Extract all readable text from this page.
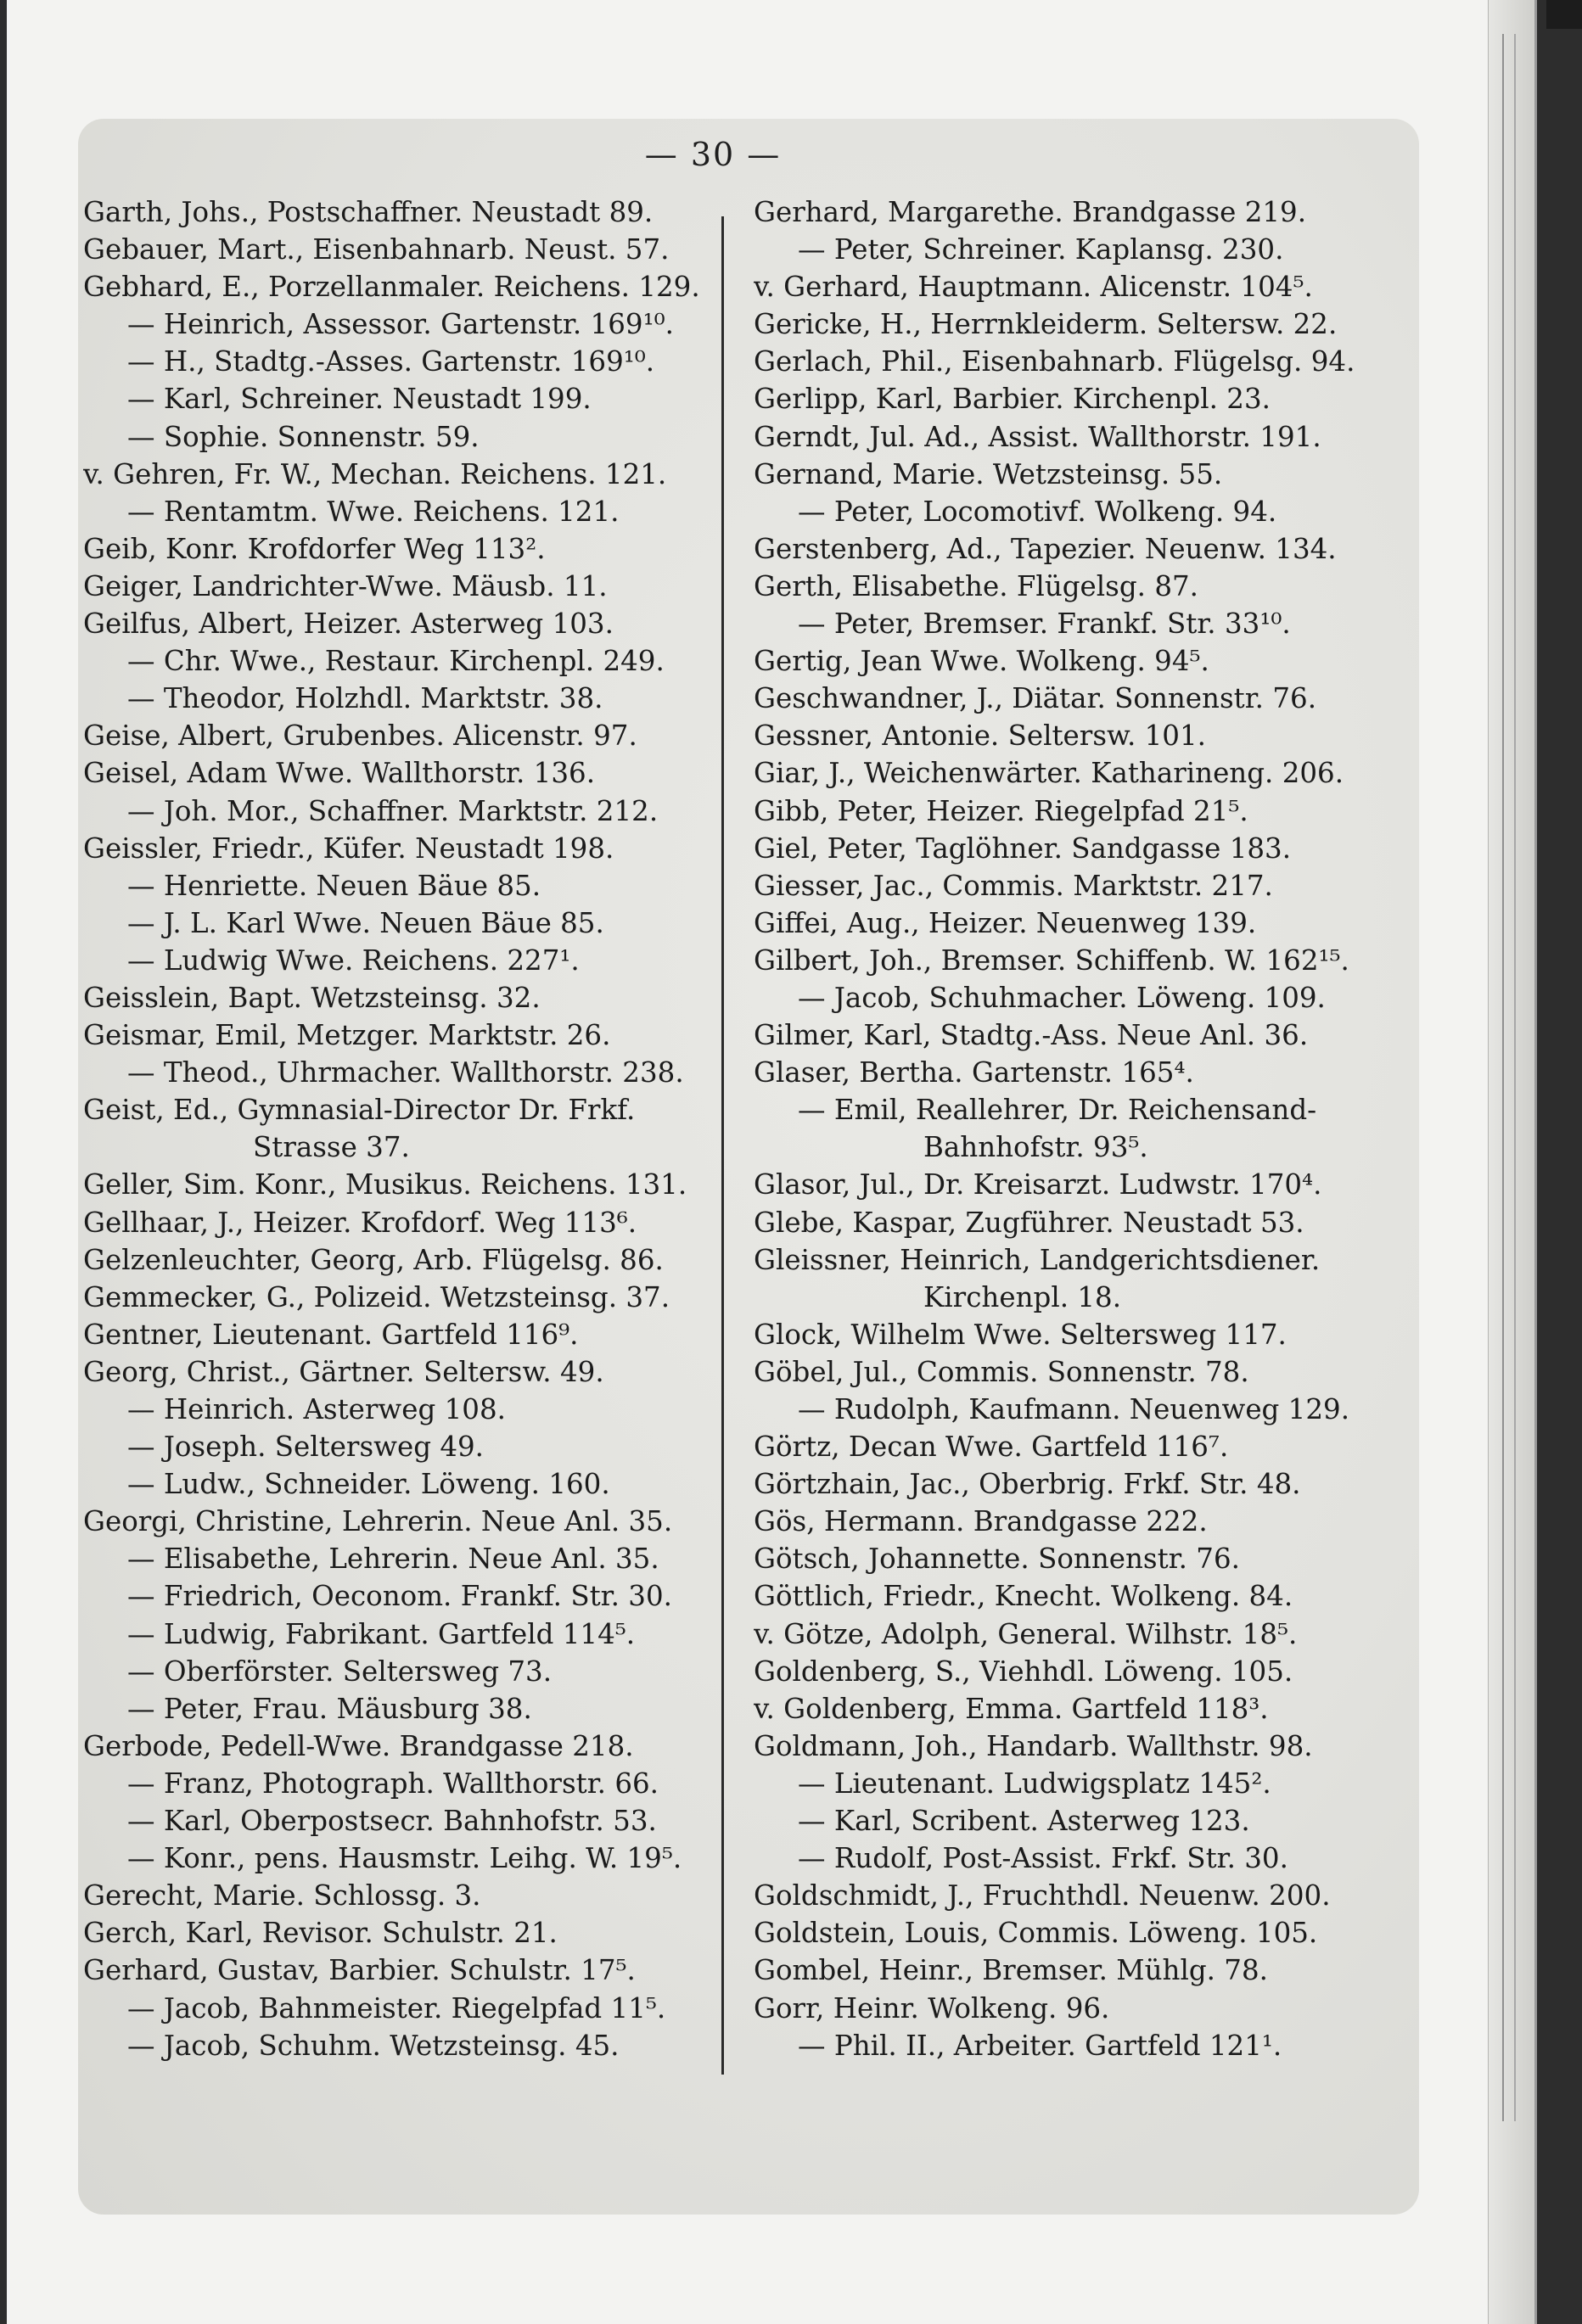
— 30 —
Garth, Johs., Postschaffner. Neustadt 89.
Gebauer, Mart., Eisenbahnarb. Neust. 57.
Gebhard, E., Porzellanmaler. Reichens. 129.
— Heinrich, Assessor. Gartenstr. 169¹⁰.
— H., Stadtg.-Asses. Gartenstr. 169¹⁰.
— Karl, Schreiner. Neustadt 199.
— Sophie. Sonnenstr. 59.
v. Gehren, Fr. W., Mechan. Reichens. 121.
— Rentamtm. Wwe. Reichens. 121.
Geib, Konr. Krofdorfer Weg 113².
Geiger, Landrichter-Wwe. Mäusb. 11.
Geilfus, Albert, Heizer. Asterweg 103.
— Chr. Wwe., Restaur. Kirchenpl. 249.
— Theodor, Holzhdl. Marktstr. 38.
Geise, Albert, Grubenbes. Alicenstr. 97.
Geisel, Adam Wwe. Wallthorstr. 136.
— Joh. Mor., Schaffner. Marktstr. 212.
Geissler, Friedr., Küfer. Neustadt 198.
— Henriette. Neuen Bäue 85.
— J. L. Karl Wwe. Neuen Bäue 85.
— Ludwig Wwe. Reichens. 227¹.
Geisslein, Bapt. Wetzsteinsg. 32.
Geismar, Emil, Metzger. Marktstr. 26.
— Theod., Uhrmacher. Wallthorstr. 238.
Geist, Ed., Gymnasial-Director Dr. Frkf.
Strasse 37.
Geller, Sim. Konr., Musikus. Reichens. 131.
Gellhaar, J., Heizer. Krofdorf. Weg 113⁶.
Gelzenleuchter, Georg, Arb. Flügelsg. 86.
Gemmecker, G., Polizeid. Wetzsteinsg. 37.
Gentner, Lieutenant. Gartfeld 116⁹.
Georg, Christ., Gärtner. Seltersw. 49.
— Heinrich. Asterweg 108.
— Joseph. Seltersweg 49.
— Ludw., Schneider. Löweng. 160.
Georgi, Christine, Lehrerin. Neue Anl. 35.
— Elisabethe, Lehrerin. Neue Anl. 35.
— Friedrich, Oeconom. Frankf. Str. 30.
— Ludwig, Fabrikant. Gartfeld 114⁵.
— Oberförster. Seltersweg 73.
— Peter, Frau. Mäusburg 38.
Gerbode, Pedell-Wwe. Brandgasse 218.
— Franz, Photograph. Wallthorstr. 66.
— Karl, Oberpostsecr. Bahnhofstr. 53.
— Konr., pens. Hausmstr. Leihg. W. 19⁵.
Gerecht, Marie. Schlossg. 3.
Gerch, Karl, Revisor. Schulstr. 21.
Gerhard, Gustav, Barbier. Schulstr. 17⁵.
— Jacob, Bahnmeister. Riegelpfad 11⁵.
— Jacob, Schuhm. Wetzsteinsg. 45.
Gerhard, Margarethe. Brandgasse 219.
— Peter, Schreiner. Kaplansg. 230.
v. Gerhard, Hauptmann. Alicenstr. 104⁵.
Gericke, H., Herrnkleiderm. Seltersw. 22.
Gerlach, Phil., Eisenbahnarb. Flügelsg. 94.
Gerlipp, Karl, Barbier. Kirchenpl. 23.
Gerndt, Jul. Ad., Assist. Wallthorstr. 191.
Gernand, Marie. Wetzsteinsg. 55.
— Peter, Locomotivf. Wolkeng. 94.
Gerstenberg, Ad., Tapezier. Neuenw. 134.
Gerth, Elisabethe. Flügelsg. 87.
— Peter, Bremser. Frankf. Str. 33¹⁰.
Gertig, Jean Wwe. Wolkeng. 94⁵.
Geschwandner, J., Diätar. Sonnenstr. 76.
Gessner, Antonie. Seltersw. 101.
Giar, J., Weichenwärter. Katharineng. 206.
Gibb, Peter, Heizer. Riegelpfad 21⁵.
Giel, Peter, Taglöhner. Sandgasse 183.
Giesser, Jac., Commis. Marktstr. 217.
Giffei, Aug., Heizer. Neuenweg 139.
Gilbert, Joh., Bremser. Schiffenb. W. 162¹⁵.
— Jacob, Schuhmacher. Löweng. 109.
Gilmer, Karl, Stadtg.-Ass. Neue Anl. 36.
Glaser, Bertha. Gartenstr. 165⁴.
— Emil, Reallehrer, Dr. Reichensand-
Bahnhofstr. 93⁵.
Glasor, Jul., Dr. Kreisarzt. Ludwstr. 170⁴.
Glebe, Kaspar, Zugführer. Neustadt 53.
Gleissner, Heinrich, Landgerichtsdiener.
Kirchenpl. 18.
Glock, Wilhelm Wwe. Seltersweg 117.
Göbel, Jul., Commis. Sonnenstr. 78.
— Rudolph, Kaufmann. Neuenweg 129.
Görtz, Decan Wwe. Gartfeld 116⁷.
Görtzhain, Jac., Oberbrig. Frkf. Str. 48.
Gös, Hermann. Brandgasse 222.
Götsch, Johannette. Sonnenstr. 76.
Göttlich, Friedr., Knecht. Wolkeng. 84.
v. Götze, Adolph, General. Wilhstr. 18⁵.
Goldenberg, S., Viehhdl. Löweng. 105.
v. Goldenberg, Emma. Gartfeld 118³.
Goldmann, Joh., Handarb. Wallthstr. 98.
— Lieutenant. Ludwigsplatz 145².
— Karl, Scribent. Asterweg 123.
— Rudolf, Post-Assist. Frkf. Str. 30.
Goldschmidt, J., Fruchthdl. Neuenw. 200.
Goldstein, Louis, Commis. Löweng. 105.
Gombel, Heinr., Bremser. Mühlg. 78.
Gorr, Heinr. Wolkeng. 96.
— Phil. II., Arbeiter. Gartfeld 121¹.
